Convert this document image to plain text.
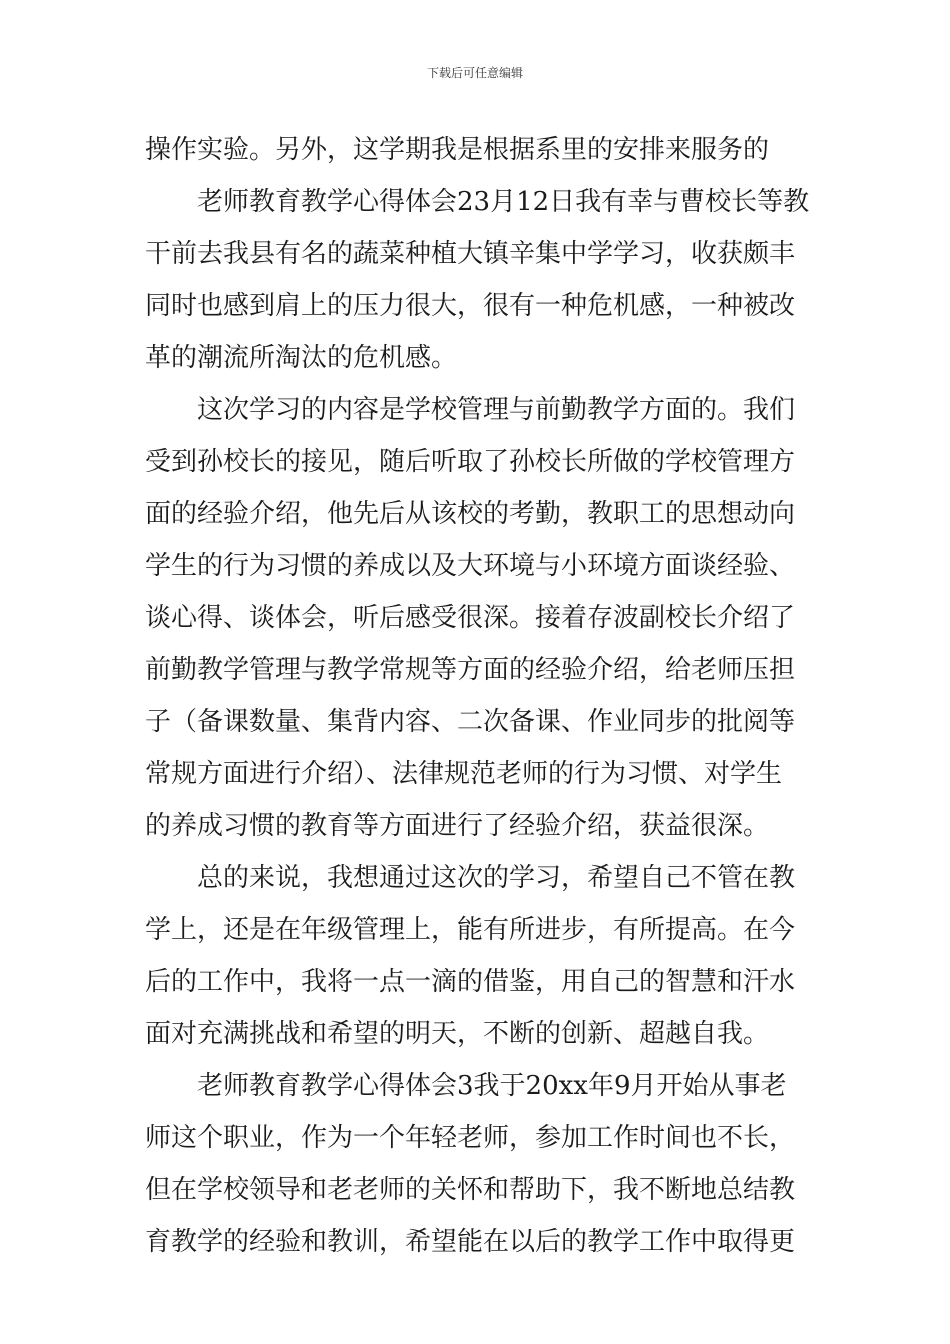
下载后可任意编辑
操作实验。另外，这学期我是根据系里的安排来服务的
老师教育教学心得体会23月12日我有幸与曹校长等教
干前去我县有名的蔬菜种植大镇辛集中学学习，收获颇丰
同时也感到肩上的压力很大，很有一种危机感，一种被改
革的潮流所淘汰的危机感。
这次学习的内容是学校管理与前勤教学方面的。我们
受到孙校长的接见，随后听取了孙校长所做的学校管理方
面的经验介绍，他先后从该校的考勤，教职工的思想动向
学生的行为习惯的养成以及大环境与小环境方面谈经验、
谈心得、谈体会，听后感受很深。接着存波副校长介绍了
前勤教学管理与教学常规等方面的经验介绍，给老师压担
子（备课数量、集背内容、二次备课、作业同步的批阅等
常规方面进行介绍）、法律规范老师的行为习惯、对学生
的养成习惯的教育等方面进行了经验介绍，获益很深。
总的来说，我想通过这次的学习，希望自己不管在教
学上，还是在年级管理上，能有所进步，有所提高。在今
后的工作中，我将一点一滴的借鉴，用自己的智慧和汗水
面对充满挑战和希望的明天，不断的创新、超越自我。
老师教育教学心得体会3我于20xx年9月开始从事老
师这个职业，作为一个年轻老师，参加工作时间也不长，
但在学校领导和老老师的关怀和帮助下，我不断地总结教
育教学的经验和教训，希望能在以后的教学工作中取得更
